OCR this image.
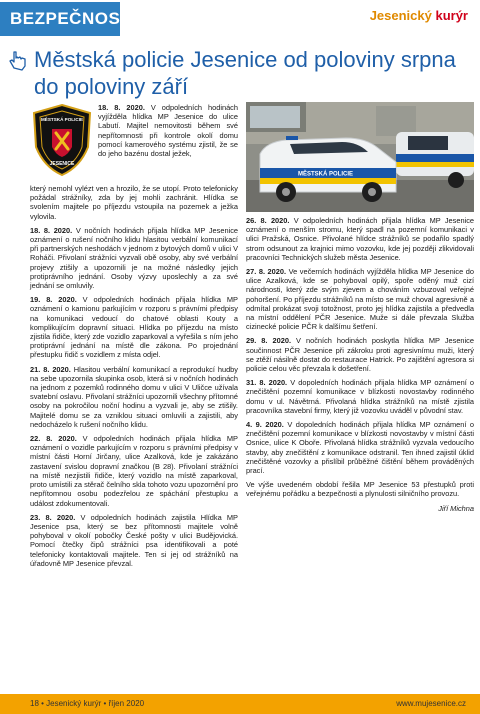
BEZPEČNOST	Jesenický kurýr
Městská policie Jesenice od poloviny srpna do poloviny září
MĚSTSKÁ POLICIE
JESENICE
MĚSTSKÁ POLICIE
18. 8. 2020. V odpoledních hodinách vyjížděla hlídka MP Jesenice do ulice Labutí. Majitel nemovitosti během své nepřítomnosti při kontrole okolí domu pomocí kamerového systému zjistil, že se do jeho bazénu dostal ježek,

který nemohl vylézt ven a hrozilo, že se utopí. Proto telefonicky požádal strážníky, zda by jej mohli zachránit. Hlídka se svolením majitele po příjezdu vstoupila na pozemek a ježka vylovila.

18. 8. 2020. V nočních hodinách přijala hlídka MP Jesenice oznámení o rušení nočního klidu hlasitou verbální komunikací při partnerských neshodách v jednom z bytových domů v ulici V Roháči. Přivolaní strážníci vyzvali obě osoby, aby své verbální projevy ztišily a upozornili je na možné následky jejich protiprávního jednání. Osoby výzvy uposlechly a za své jednání se omluvily.

19. 8. 2020. V odpoledních hodinách přijala hlídka MP oznámení o kamionu parkujícím v rozporu s právními předpisy na komunikaci vedoucí do chatové oblasti Kouty a komplikujícím dopravní situaci. Hlídka po příjezdu na místo zjistila řidiče, který zde vozidlo zaparkoval a vyřešila s ním jeho protiprávní jednání na místě dle zákona. Po projednání přestupku řidič s vozidlem z místa odjel.

21. 8. 2020. Hlasitou verbální komunikací a reprodukcí hudby na sebe upozornila skupinka osob, která si v nočních hodinách na jednom z pozemků rodinného domu v ulici V Uličce užívala svatební oslavu. Přivolaní strážníci upozornili všechny přítomné osoby na pokročilou noční hodinu a vyzvali je, aby se ztišily. Majitelé domu se za vzniklou situaci omluvili a zajistili, aby nedocházelo k rušení nočního klidu.

22. 8. 2020. V odpoledních hodinách přijala hlídka MP oznámení o vozidle parkujícím v rozporu s právními předpisy v místní části Horní Jirčany, ulice Azalková, kde je zakázáno zastavení svislou dopravní značkou (B 28). Přivolaní strážníci na místě nezjistili řidiče, který vozidlo na místě zaparkoval, proto umístili za stěrač čelního skla tohoto vozu upozornění pro nepřítomnou osobu podezřelou ze spáchání přestupku a událost zdokumentovali.

23. 8. 2020. V odpoledních hodinách zajistila Hlídka MP Jesenice psa, který se bez přítomnosti majitele volně pohyboval v okolí pobočky České pošty v ulici Budějovická. Pomocí čtečky čipů strážníci psa identifikovali a poté telefonicky kontaktovali majitele. Ten si jej od strážníků na úřadovně MP Jesenice převzal.

26. 8. 2020. V odpoledních hodinách přijala hlídka MP Jesenice oznámení o menším stromu, který spadl na pozemní komunikaci v ulici Pražská, Osnice. Přivolané hlídce strážníků se podařilo spadlý strom odsunout za krajnici mimo vozovku, kde jej později zlikvidovali pracovníci Technických služeb města Jesenice.

27. 8. 2020. Ve večerních hodinách vyjížděla hlídka MP Jesenice do ulice Azalková, kde se pohyboval opilý, spoře oděný muž cizí národnosti, který zde svým zjevem a chováním vzbuzoval veřejné pohoršení. Po příjezdu strážníků na místo se muž choval agresivně a odmítal prokázat svoji totožnost, proto jej hlídka zajistila a předvedla na místní oddělení PČR Jesenice. Muže si dále převzala Služba cizinecké policie PČR k dalšímu šetření.

29. 8. 2020. V nočních hodinách poskytla hlídka MP Jesenice součinnost PČR Jesenice při zákroku proti agresivnímu muži, který se ztěží násilně dostat do restaurace Hatrick. Po zajištění agresora si policie celou věc převzala k došetření.

31. 8. 2020. V dopoledních hodinách přijala hlídka MP oznámení o znečištění pozemní komunikace v blízkosti novostavby rodinného domu v ul. Návětrná. Přivolaná hlídka strážníků na místě zjistila pracovníka stavební firmy, který již vozovku uváděl v původní stav.

4. 9. 2020. V dopoledních hodinách přijala hlídka MP oznámení o znečištění pozemní komunikace v blízkosti novostavby v místní části Osnice, ulice K Oboře. Přivolaná hlídka strážníků vyzvala vedoucího stavby, aby znečištění z komunikace odstranil. Ten ihned zajistil úklid znečištěné vozovky a přislíbil průběžné čištění během prováděných prací.

Ve výše uvedeném období řešila MP Jesenice 53 přestupků proti veřejnému pořádku a bezpečnosti a plynulosti silničního provozu.

Jiří Michna
18 • Jesenický kurýr • říjen 2020	www.mujesenice.cz
